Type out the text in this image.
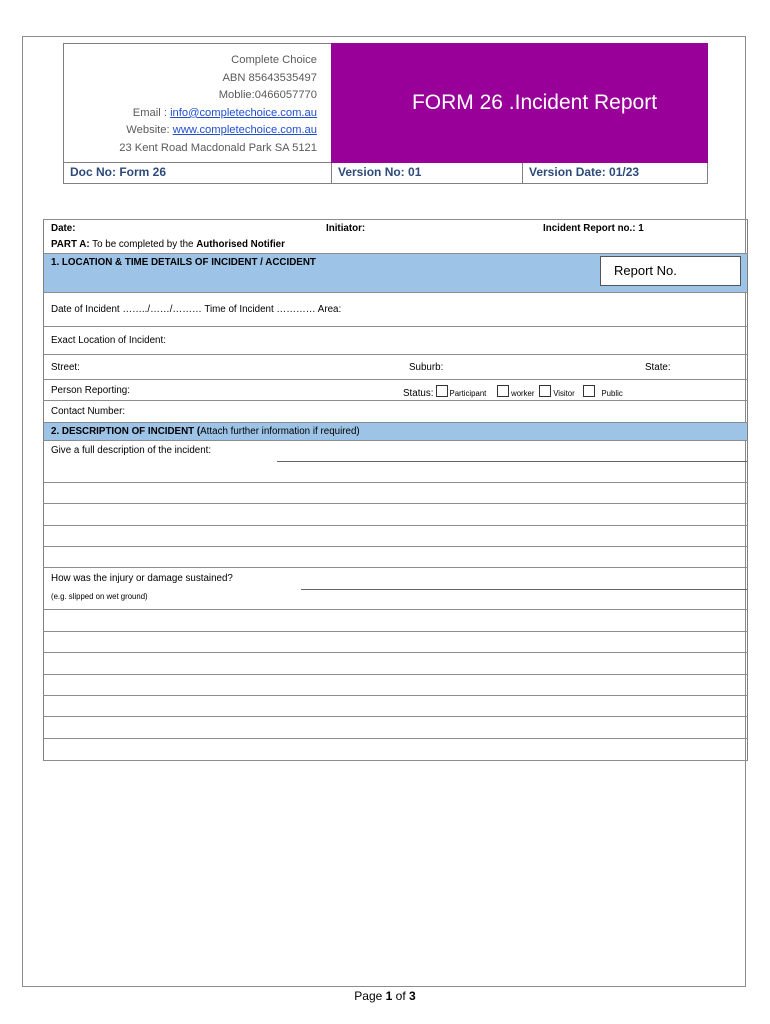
Complete Choice
ABN 85643535497
Moblie:0466057770
Email : info@completechoice.com.au
Website: www.completechoice.com.au
23 Kent Road Macdonald Park SA 5121
FORM 26 .Incident Report
Doc No: Form 26	Version No: 01	Version Date: 01/23
Date:	Initiator:	Incident Report no.: 1
PART A: To be completed by the Authorised Notifier
1. LOCATION & TIME DETAILS OF INCIDENT / ACCIDENT
Report No.
Date of Incident ……../……/……… Time of Incident ………… Area:
Exact Location of Incident:
Street:	Suburb:	State:
Person Reporting:	Status: Participant	worker Visitor	Public
Contact Number:
2. DESCRIPTION OF INCIDENT (Attach further information if required)
Give a full description of the incident:
How was the injury or damage sustained?
(e.g. slipped on wet ground)
Page 1 of 3
